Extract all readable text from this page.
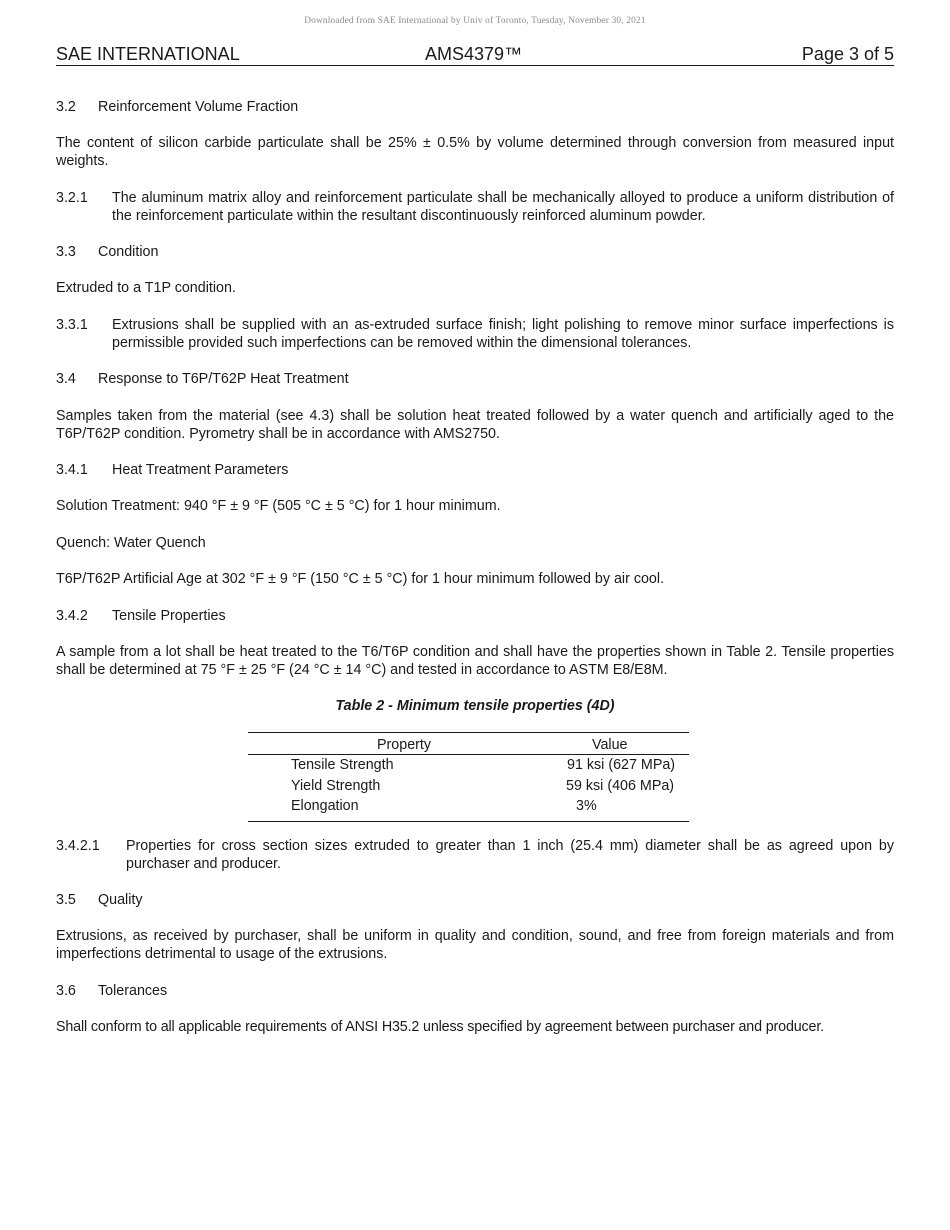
Downloaded from SAE International by Univ of Toronto, Tuesday, November 30, 2021
SAE INTERNATIONAL	AMS4379™	Page 3 of 5
3.2 Reinforcement Volume Fraction
The content of silicon carbide particulate shall be 25% ± 0.5% by volume determined through conversion from measured input weights.
3.2.1 The aluminum matrix alloy and reinforcement particulate shall be mechanically alloyed to produce a uniform distribution of the reinforcement particulate within the resultant discontinuously reinforced aluminum powder.
3.3 Condition
Extruded to a T1P condition.
3.3.1 Extrusions shall be supplied with an as-extruded surface finish; light polishing to remove minor surface imperfections is permissible provided such imperfections can be removed within the dimensional tolerances.
3.4 Response to T6P/T62P Heat Treatment
Samples taken from the material (see 4.3) shall be solution heat treated followed by a water quench and artificially aged to the T6P/T62P condition. Pyrometry shall be in accordance with AMS2750.
3.4.1 Heat Treatment Parameters
Solution Treatment: 940 °F ± 9 °F (505 °C ± 5 °C) for 1 hour minimum.
Quench: Water Quench
T6P/T62P Artificial Age at 302 °F ± 9 °F (150 °C ± 5 °C) for 1 hour minimum followed by air cool.
3.4.2 Tensile Properties
A sample from a lot shall be heat treated to the T6/T6P condition and shall have the properties shown in Table 2. Tensile properties shall be determined at 75 °F ± 25 °F (24 °C ± 14 °C) and tested in accordance to ASTM E8/E8M.
Table 2 - Minimum tensile properties (4D)
Property	Value
Tensile Strength	91 ksi (627 MPa)
Yield Strength	59 ksi (406 MPa)
Elongation	3%
3.4.2.1 Properties for cross section sizes extruded to greater than 1 inch (25.4 mm) diameter shall be as agreed upon by purchaser and producer.
3.5 Quality
Extrusions, as received by purchaser, shall be uniform in quality and condition, sound, and free from foreign materials and from imperfections detrimental to usage of the extrusions.
3.6 Tolerances
Shall conform to all applicable requirements of ANSI H35.2 unless specified by agreement between purchaser and producer.
